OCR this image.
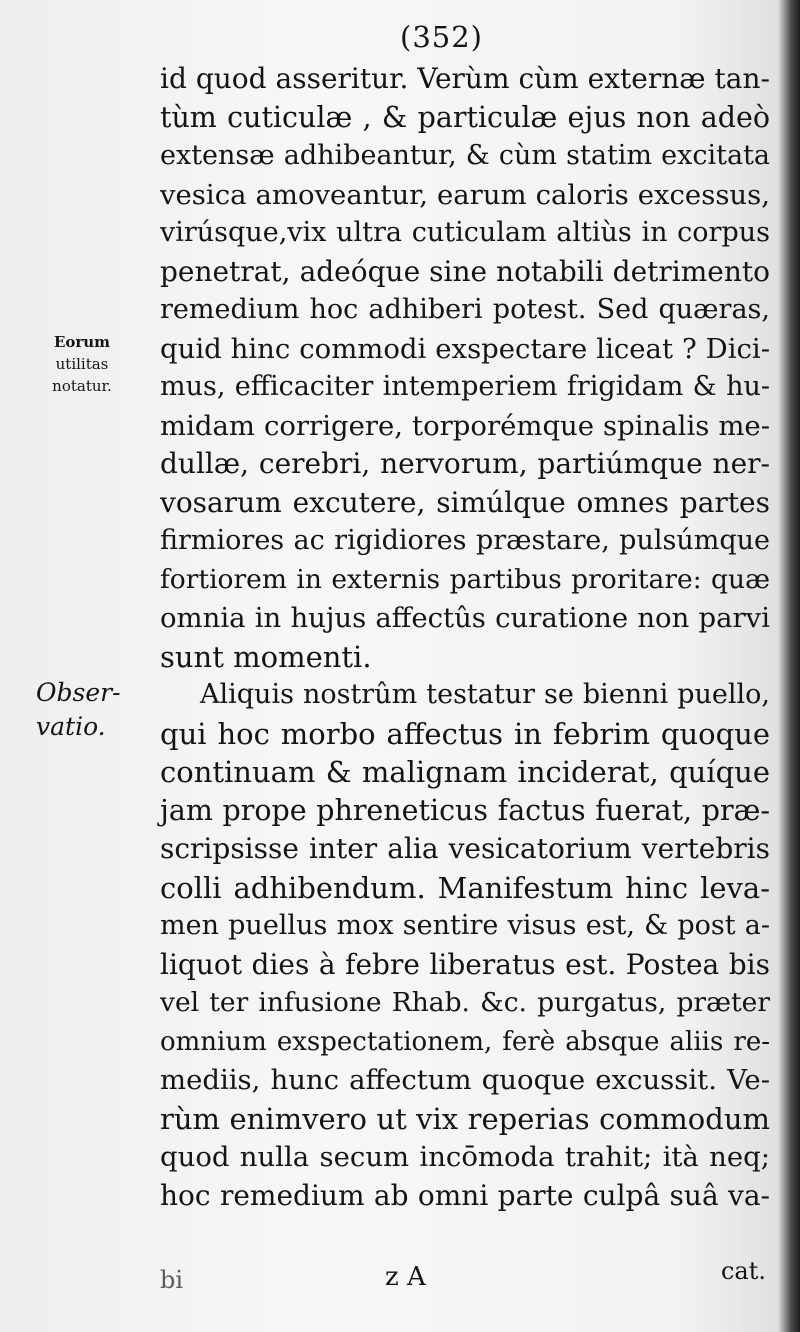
(352)
Eorum
utilitas
notatur.
Obser-
vatio.
id quod asseritur. Verùm cùm externæ tan-
tùm cuticulæ , & particulæ ejus non adeò
extensæ adhibeantur, & cùm statim excitata
vesica amoveantur, earum caloris excessus,
virúsque,vix ultra cuticulam altiùs in corpus
penetrat, adeóque sine notabili detrimento
remedium hoc adhiberi potest. Sed quæras,
quid hinc commodi exspectare liceat ? Dici-
mus, efficaciter intemperiem frigidam & hu-
midam corrigere, torporémque spinalis me-
dullæ, cerebri, nervorum, partiúmque ner-
vosarum excutere, simúlque omnes partes
firmiores ac rigidiores præstare, pulsúmque
fortiorem in externis partibus proritare: quæ
omnia in hujus affectûs curatione non parvi
sunt momenti.
Aliquis nostrûm testatur se bienni puello,
qui hoc morbo affectus in febrim quoque
continuam & malignam inciderat, quíque
jam prope phreneticus factus fuerat, præ-
scripsisse inter alia vesicatorium vertebris
colli adhibendum. Manifestum hinc leva-
men puellus mox sentire visus est, & post a-
liquot dies à febre liberatus est. Postea bis
vel ter infusione Rhab. &c. purgatus, præter
omnium exspectationem, ferè absque aliis re-
mediis, hunc affectum quoque excussit. Ve-
rùm enimvero ut vix reperias commodum
quod nulla secum incōmoda trahit; ità neq;
hoc remedium ab omni parte culpâ suâ va-
cat.
z A
bi
